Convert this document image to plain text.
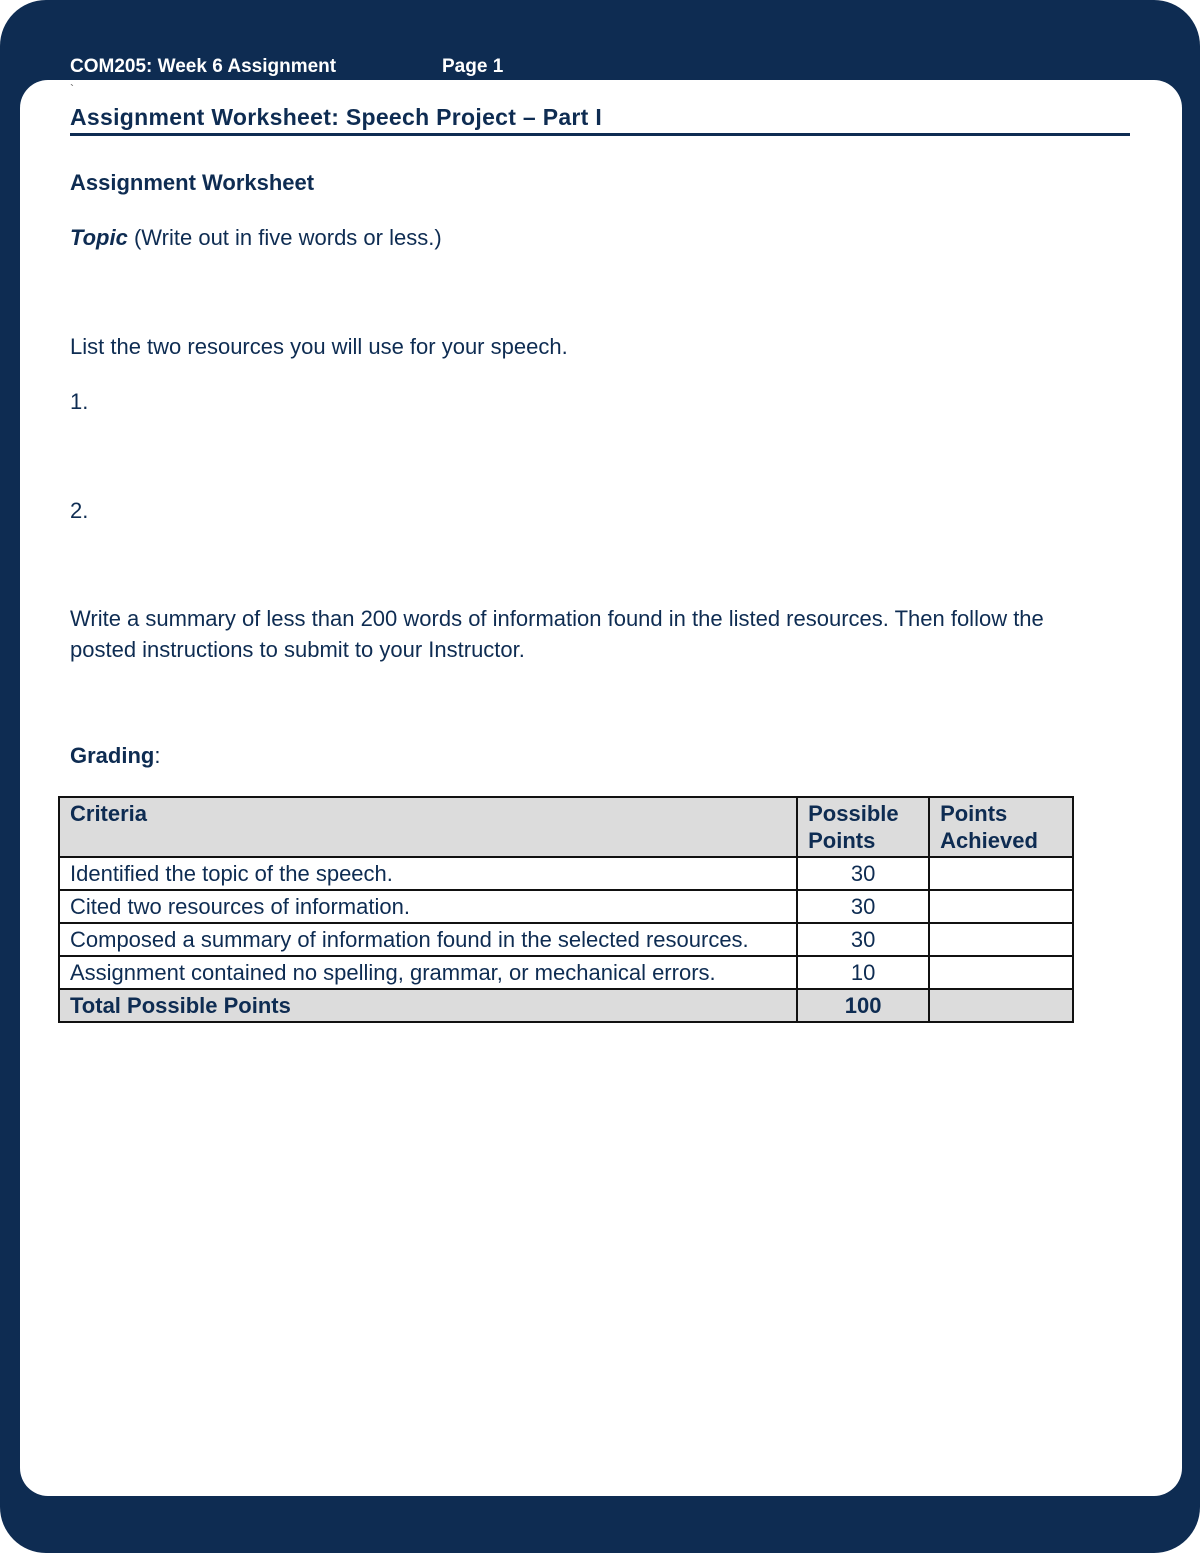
COM205: Week 6 Assignment	Page 1
`
Assignment Worksheet: Speech Project – Part I
Assignment Worksheet
Topic (Write out in five words or less.)
List the two resources you will use for your speech.
1.
2.
Write a summary of less than 200 words of information found in the listed resources. Then follow the
posted instructions to submit to your Instructor.
Grading:
Criteria	Possible Points	Points Achieved
Identified the topic of the speech.	30	
Cited two resources of information.	30	
Composed a summary of information found in the selected resources.	30	
Assignment contained no spelling, grammar, or mechanical errors.	10	
Total Possible Points	100	
